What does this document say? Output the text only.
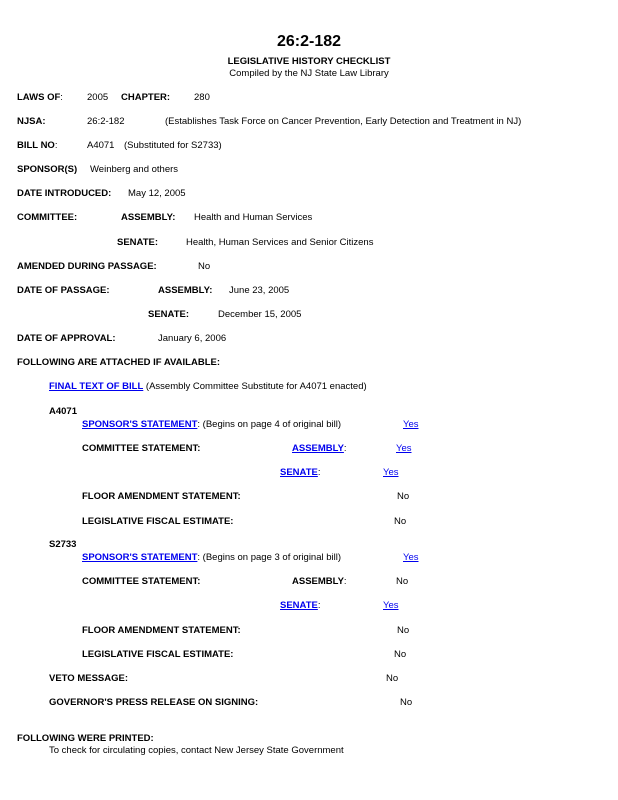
26:2-182
LEGISLATIVE HISTORY CHECKLIST
Compiled by the NJ State Law Library
LAWS OF:	2005 CHAPTER:	280
NJSA:	26:2-182	(Establishes Task Force on Cancer Prevention, Early Detection and Treatment in NJ)
BILL NO:	A4071 (Substituted for S2733)
SPONSOR(S) Weinberg and others
DATE INTRODUCED: May 12, 2005
COMMITTEE:	ASSEMBLY: Health and Human Services
SENATE:	Health, Human Services and Senior Citizens
AMENDED DURING PASSAGE:	No
DATE OF PASSAGE:	ASSEMBLY: June 23, 2005
SENATE:	December 15, 2005
DATE OF APPROVAL:	January 6, 2006
FOLLOWING ARE ATTACHED IF AVAILABLE:
FINAL TEXT OF BILL (Assembly Committee Substitute for A4071 enacted)
A4071
SPONSOR'S STATEMENT: (Begins on page 4 of original bill)	Yes
COMMITTEE STATEMENT:	ASSEMBLY:	Yes
SENATE:	Yes
FLOOR AMENDMENT STATEMENT:	No
LEGISLATIVE FISCAL ESTIMATE:	No
S2733
SPONSOR'S STATEMENT: (Begins on page 3 of original bill)	Yes
COMMITTEE STATEMENT:	ASSEMBLY:	No
SENATE:	Yes
FLOOR AMENDMENT STATEMENT:	No
LEGISLATIVE FISCAL ESTIMATE:	No
VETO MESSAGE:	No
GOVERNOR'S PRESS RELEASE ON SIGNING:	No
FOLLOWING WERE PRINTED:
To check for circulating copies, contact New Jersey State Government
